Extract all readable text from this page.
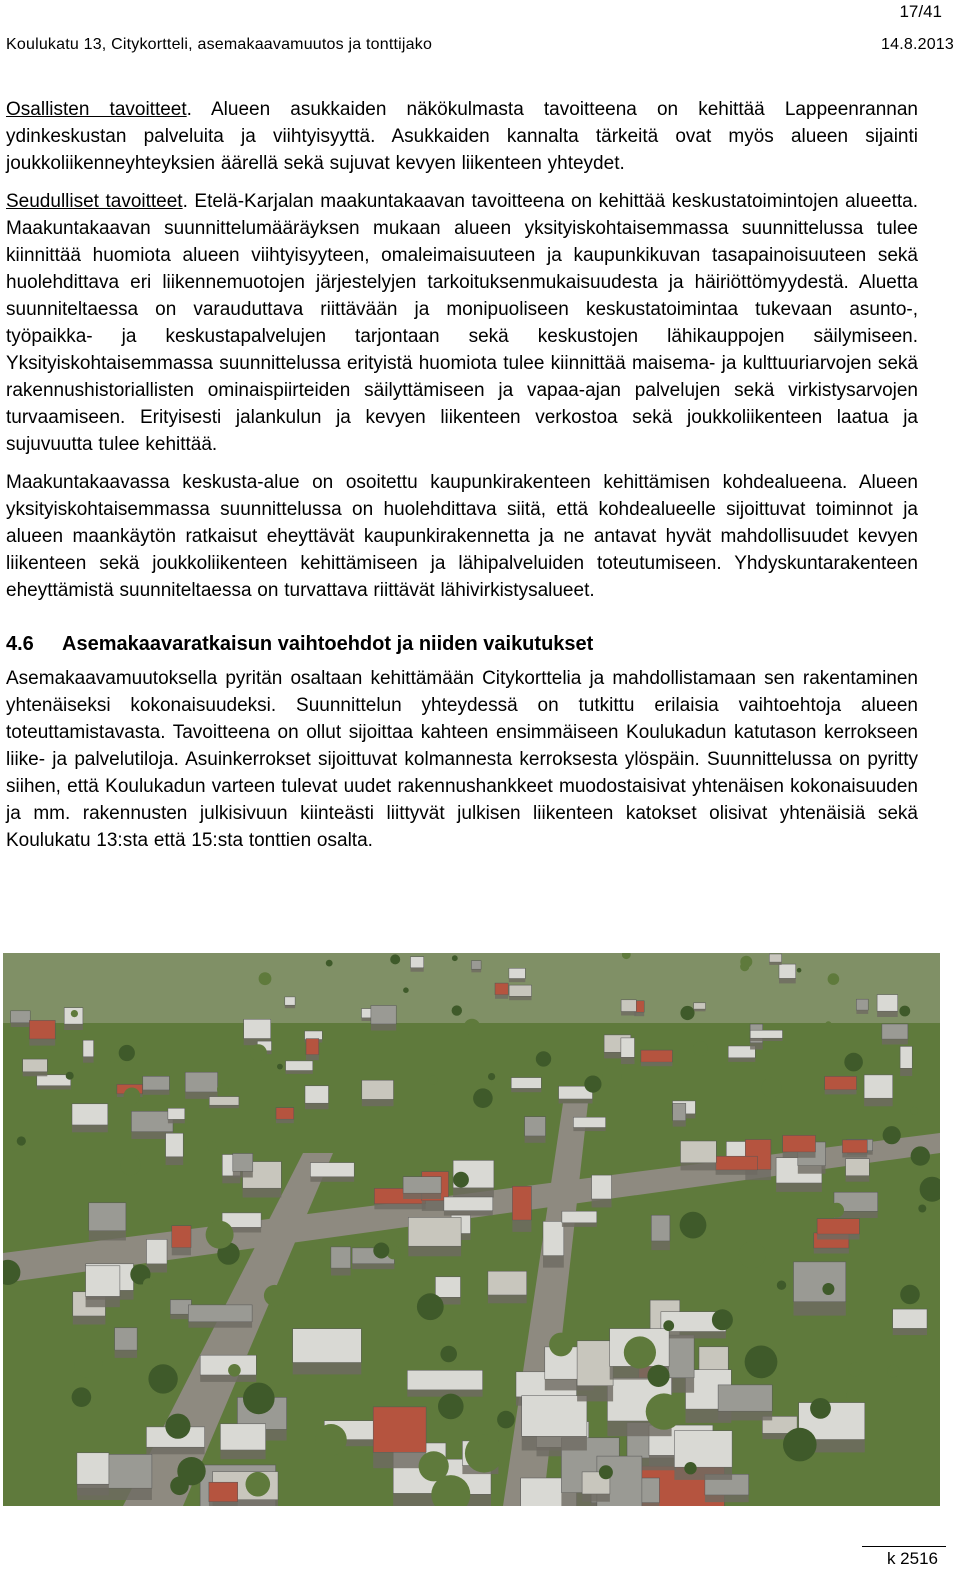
17/41
Koulukatu 13, Citykortteli, asemakaavamuutos ja tonttijako	14.8.2013

Osallisten tavoitteet. Alueen asukkaiden näkökulmasta tavoitteena on kehittää Lappeenrannan ydinkeskustan palveluita ja viihtyisyyttä. Asukkaiden kannalta tärkeitä ovat myös alueen sijainti joukkoliikenneyhteyksien äärellä sekä sujuvat kevyen liikenteen yhteydet.

Seudulliset tavoitteet. Etelä-Karjalan maakuntakaavan tavoitteena on kehittää keskustatoimintojen alueetta. Maakuntakaavan suunnittelumääräyksen mukaan alueen yksityiskohtaisemmassa suunnittelussa tulee kiinnittää huomiota alueen viihtyisyyteen, omaleimaisuuteen ja kaupunkikuvan tasapainoisuuteen sekä huolehdittava eri liikennemuotojen järjestelyjen tarkoituksenmukaisuudesta ja häiriöttömyydestä. Aluetta suunniteltaessa on varauduttava riittävään ja monipuoliseen keskustatoimintaa tukevaan asunto-, työpaikka- ja keskustapalvelujen tarjontaan sekä keskustojen lähikauppojen säilymiseen. Yksityiskohtaisemmassa suunnittelussa erityistä huomiota tulee kiinnittää maisema- ja kulttuuriarvojen sekä rakennushistoriallisten ominaispiirteiden säilyttämiseen ja vapaa-ajan palvelujen sekä virkistysarvojen turvaamiseen. Erityisesti jalankulun ja kevyen liikenteen verkostoa sekä joukkoliikenteen laatua ja sujuvuutta tulee kehittää.

Maakuntakaavassa keskusta-alue on osoitettu kaupunkirakenteen kehittämisen kohdealueena. Alueen yksityiskohtaisemmassa suunnittelussa on huolehdittava siitä, että kohdealueelle sijoittuvat toiminnot ja alueen maankäytön ratkaisut eheyttävät kaupunkirakennetta ja ne antavat hyvät mahdollisuudet kevyen liikenteen sekä joukkoliikenteen kehittämiseen ja lähipalveluiden toteutumiseen. Yhdyskuntarakenteen eheyttämistä suunniteltaessa on turvattava riittävät lähivirkistysalueet.

4.6 Asemakaavaratkaisun vaihtoehdot ja niiden vaikutukset

Asemakaavamuutoksella pyritän osaltaan kehittämään Citykorttelia ja mahdollistamaan sen rakentaminen yhtenäiseksi kokonaisuudeksi. Suunnittelun yhteydessä on tutkittu erilaisia vaihtoehtoja alueen toteuttamistavasta. Tavoitteena on ollut sijoittaa kahteen ensimmäiseen Koulukadun katutason kerrokseen liike- ja palvelutiloja. Asuinkerrokset sijoittuvat kolmannesta kerroksesta ylöspäin. Suunnittelussa on pyritty siihen, että Koulukadun varteen tulevat uudet rakennushankkeet muodostaisivat yhtenäisen kokonaisuuden ja mm. rakennusten julkisivuun kiinteästi liittyvät julkisen liikenteen katokset olisivat yhtenäisiä sekä Koulukatu 13:sta että 15:sta tonttien osalta.

k 2516
